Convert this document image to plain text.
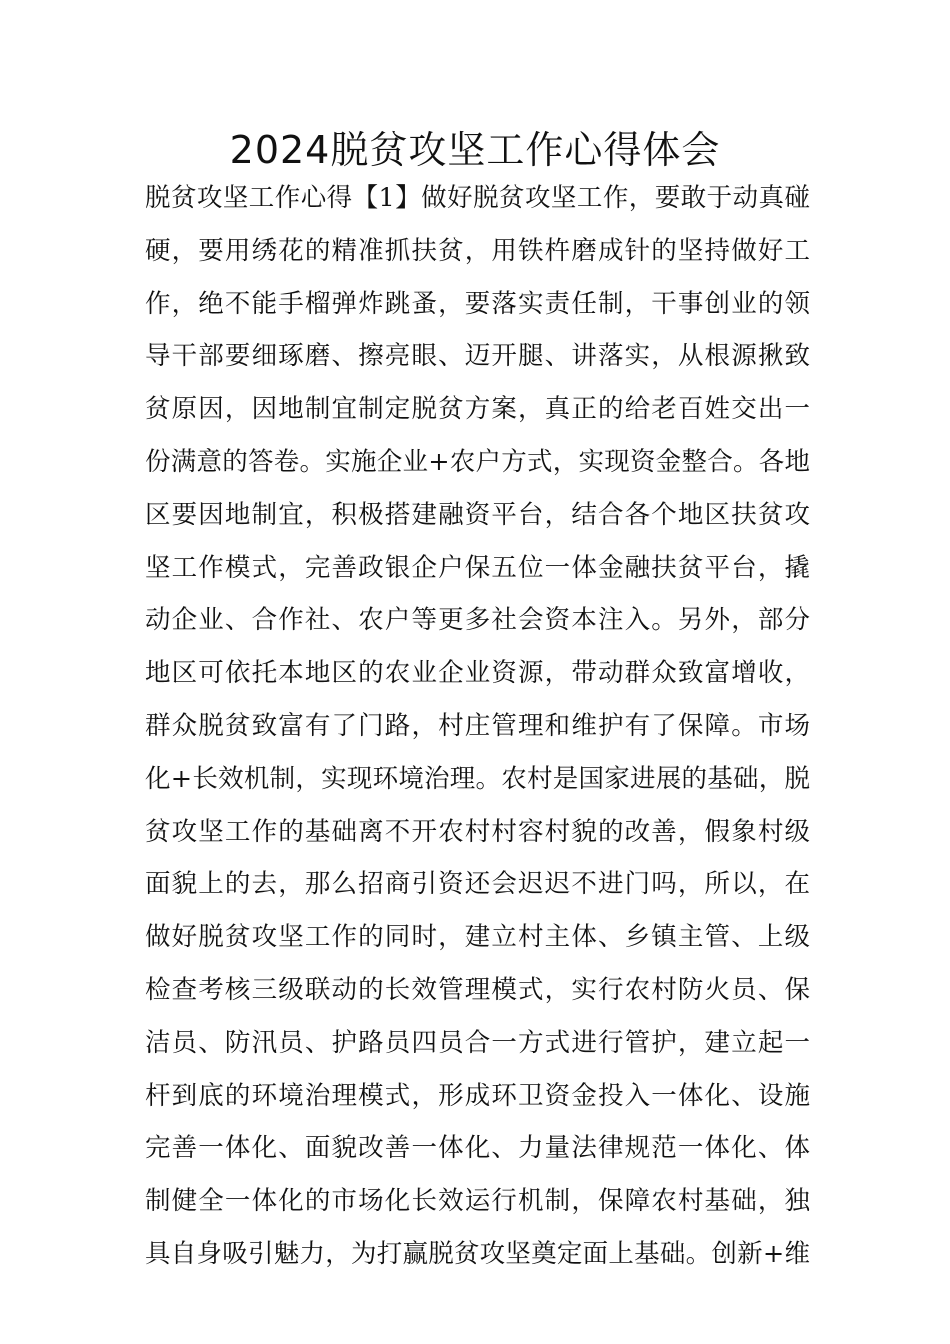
2024脱贫攻坚工作心得体会
脱贫攻坚工作心得【1】做好脱贫攻坚工作，要敢于动真碰
硬，要用绣花的精准抓扶贫，用铁杵磨成针的坚持做好工
作，绝不能手榴弹炸跳蚤，要落实责任制，干事创业的领
导干部要细琢磨、擦亮眼、迈开腿、讲落实，从根源揪致
贫原因，因地制宜制定脱贫方案，真正的给老百姓交出一
份满意的答卷。实施企业+农户方式，实现资金整合。各地
区要因地制宜，积极搭建融资平台，结合各个地区扶贫攻
坚工作模式，完善政银企户保五位一体金融扶贫平台，撬
动企业、合作社、农户等更多社会资本注入。另外，部分
地区可依托本地区的农业企业资源，带动群众致富增收，
群众脱贫致富有了门路，村庄管理和维护有了保障。市场
化+长效机制，实现环境治理。农村是国家进展的基础，脱
贫攻坚工作的基础离不开农村村容村貌的改善，假象村级
面貌上的去，那么招商引资还会迟迟不进门吗，所以，在
做好脱贫攻坚工作的同时，建立村主体、乡镇主管、上级
检查考核三级联动的长效管理模式，实行农村防火员、保
洁员、防汛员、护路员四员合一方式进行管护，建立起一
杆到底的环境治理模式，形成环卫资金投入一体化、设施
完善一体化、面貌改善一体化、力量法律规范一体化、体
制健全一体化的市场化长效运行机制，保障农村基础，独
具自身吸引魅力，为打赢脱贫攻坚奠定面上基础。创新+维
